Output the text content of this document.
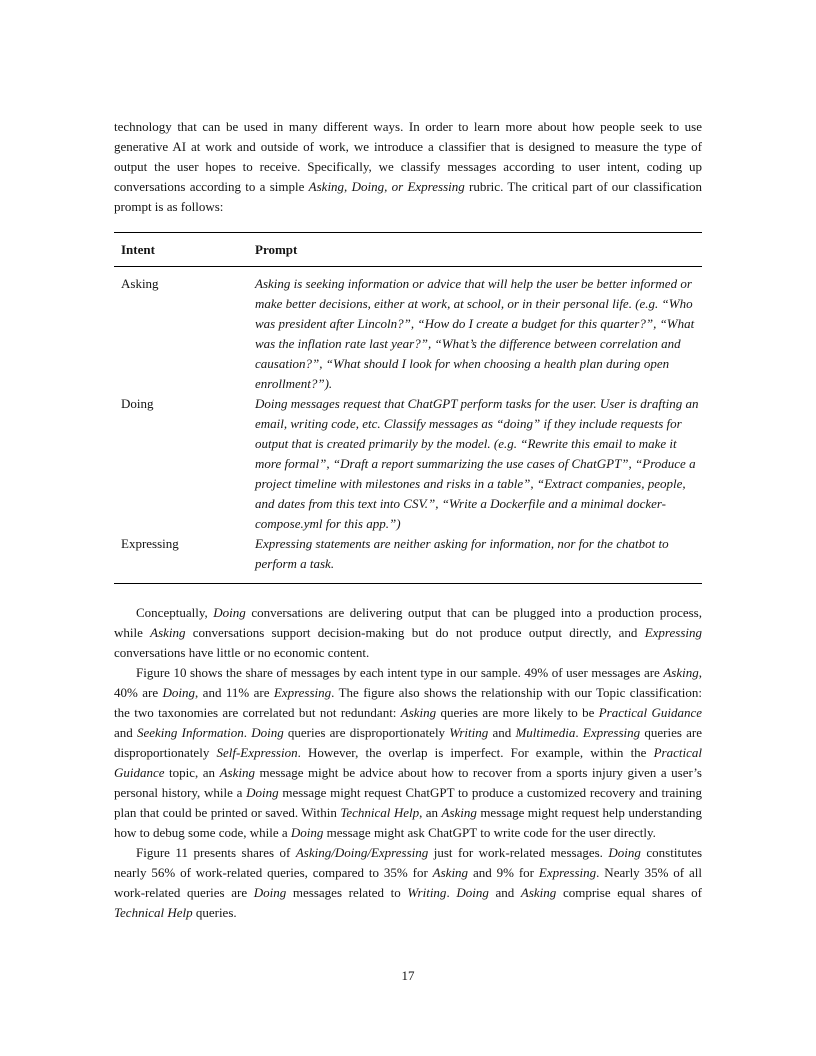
technology that can be used in many different ways. In order to learn more about how people seek to use generative AI at work and outside of work, we introduce a classifier that is designed to measure the type of output the user hopes to receive. Specifically, we classify messages according to user intent, coding up conversations according to a simple Asking, Doing, or Expressing rubric. The critical part of our classification prompt is as follows:

Intent	Prompt
Asking	Asking is seeking information or advice that will help the user be better informed or make better decisions, either at work, at school, or in their personal life. (e.g. “Who was president after Lincoln?”, “How do I create a budget for this quarter?”, “What was the inflation rate last year?”, “What’s the difference between correlation and causation?”, “What should I look for when choosing a health plan during open enrollment?”).
Doing	Doing messages request that ChatGPT perform tasks for the user. User is drafting an email, writing code, etc. Classify messages as “doing” if they include requests for output that is created primarily by the model. (e.g. “Rewrite this email to make it more formal”, “Draft a report summarizing the use cases of ChatGPT”, “Produce a project timeline with milestones and risks in a table”, “Extract companies, people, and dates from this text into CSV.”, “Write a Dockerfile and a minimal docker-compose.yml for this app.”)
Expressing	Expressing statements are neither asking for information, nor for the chatbot to perform a task.

Conceptually, Doing conversations are delivering output that can be plugged into a production process, while Asking conversations support decision-making but do not produce output directly, and Expressing conversations have little or no economic content.

Figure 10 shows the share of messages by each intent type in our sample. 49% of user messages are Asking, 40% are Doing, and 11% are Expressing. The figure also shows the relationship with our Topic classification: the two taxonomies are correlated but not redundant: Asking queries are more likely to be Practical Guidance and Seeking Information. Doing queries are disproportionately Writing and Multimedia. Expressing queries are disproportionately Self-Expression. However, the overlap is imperfect. For example, within the Practical Guidance topic, an Asking message might be advice about how to recover from a sports injury given a user’s personal history, while a Doing message might request ChatGPT to produce a customized recovery and training plan that could be printed or saved. Within Technical Help, an Asking message might request help understanding how to debug some code, while a Doing message might ask ChatGPT to write code for the user directly.

Figure 11 presents shares of Asking/Doing/Expressing just for work-related messages. Doing constitutes nearly 56% of work-related queries, compared to 35% for Asking and 9% for Expressing. Nearly 35% of all work-related queries are Doing messages related to Writing. Doing and Asking comprise equal shares of Technical Help queries.

17
